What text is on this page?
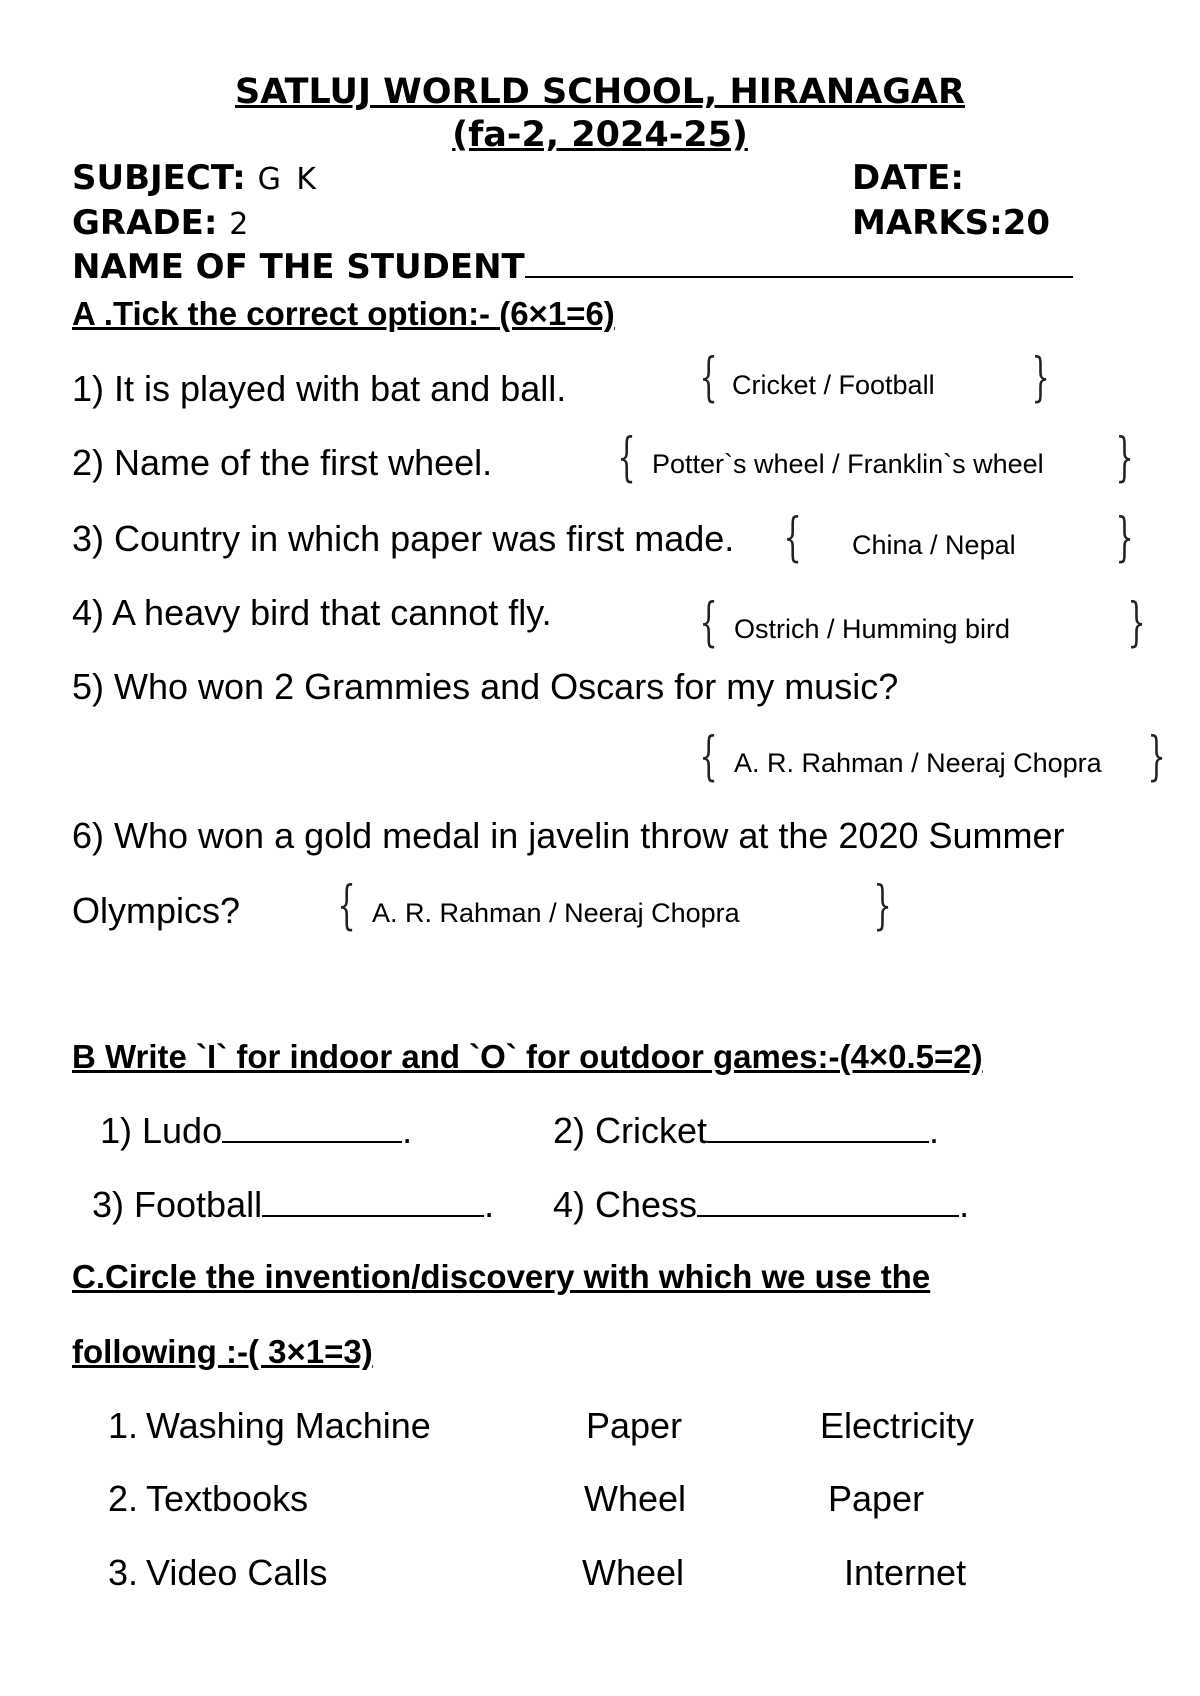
SATLUJ WORLD SCHOOL, HIRANAGAR
(fa-2, 2024-25)
SUBJECT: G K	DATE:
GRADE: 2	MARKS:20
NAME OF THE STUDENT
A .Tick the correct option:- (6×1=6)
1) It is played with bat and ball.	{ Cricket / Football }
2) Name of the first wheel. { Potter`s wheel / Franklin`s wheel }
3) Country in which paper was first made. { China / Nepal }
4) A heavy bird that cannot fly.	{ Ostrich / Humming bird }
5) Who won 2 Grammies and Oscars for my music?
{ A. R. Rahman / Neeraj Chopra }
6) Who won a gold medal in javelin throw at the 2020 Summer
Olympics? { A. R. Rahman / Neeraj Chopra	}
B Write `I` for indoor and `O` for outdoor games:-(4×0.5=2)
1) Ludo	.	2) Cricket	.
3) Football	. 4) Chess	.
C.Circle the invention/discovery with which we use the
following :-( 3×1=3)
1. Washing Machine	Paper	Electricity
2. Textbooks	Wheel	Paper
3. Video Calls	Wheel	Internet
